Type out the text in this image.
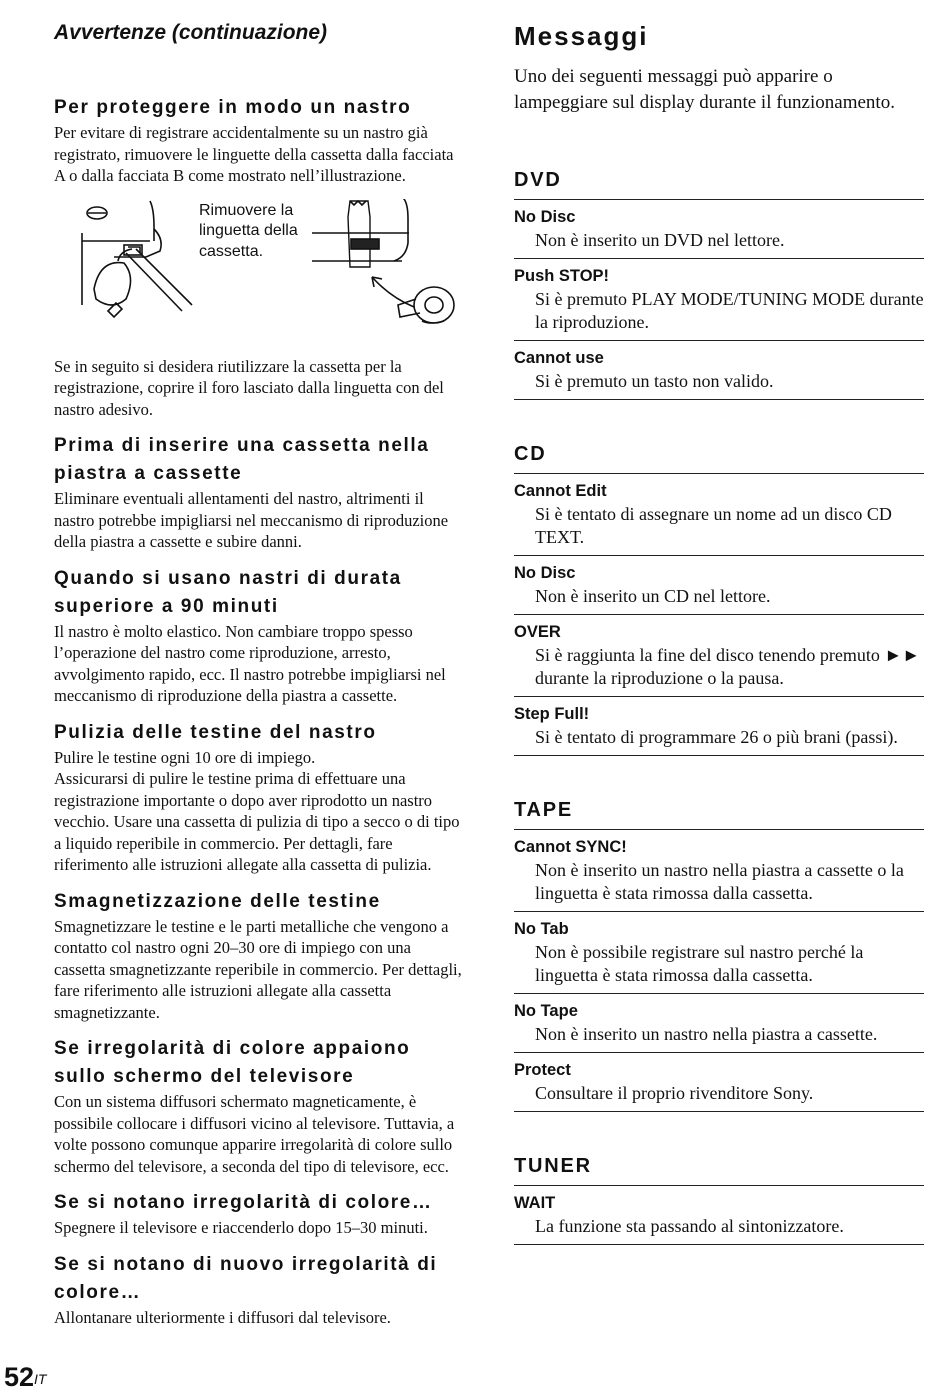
Avvertenze (continuazione)
Per proteggere in modo un nastro

Per evitare di registrare accidentalmente su un nastro già registrato, rimuovere le linguette della cassetta dalla facciata A o dalla facciata B come mostrato nell’illustrazione.

Rimuovere la linguetta della cassetta.

Se in seguito si desidera riutilizzare la cassetta per la registrazione, coprire il foro lasciato dalla linguetta con del nastro adesivo.

Prima di inserire una cassetta nella
piastra a cassette

Eliminare eventuali allentamenti del nastro, altrimenti il nastro potrebbe impigliarsi nel meccanismo di riproduzione della piastra a cassette e subire danni.

Quando si usano nastri di durata
superiore a 90 minuti

Il nastro è molto elastico. Non cambiare troppo spesso l’operazione del nastro come riproduzione, arresto, avvolgimento rapido, ecc. Il nastro potrebbe impigliarsi nel meccanismo di riproduzione della piastra a cassette.

Pulizia delle testine del nastro

Pulire le testine ogni 10 ore di impiego.

Assicurarsi di pulire le testine prima di effettuare una registrazione importante o dopo aver riprodotto un nastro vecchio. Usare una cassetta di pulizia di tipo a secco o di tipo a liquido reperibile in commercio. Per dettagli, fare riferimento alle istruzioni allegate alla cassetta di pulizia.

Smagnetizzazione delle testine

Smagnetizzare le testine e le parti metalliche che vengono a contatto col nastro ogni 20–30 ore di impiego con una cassetta smagnetizzante reperibile in commercio. Per dettagli, fare riferimento alle istruzioni allegate alla cassetta smagnetizzante.

Se irregolarità di colore appaiono
sullo schermo del televisore

Con un sistema diffusori schermato magneticamente, è possibile collocare i diffusori vicino al televisore. Tuttavia, a volte possono comunque apparire irregolarità di colore sullo schermo del televisore, a seconda del tipo di televisore, ecc.

Se si notano irregolarità di colore…

Spegnere il televisore e riaccenderlo dopo 15–30 minuti.

Se si notano di nuovo irregolarità di
colore…

Allontanare ulteriormente i diffusori dal televisore.

$52^{IT}$
Messaggi

Uno dei seguenti messaggi può apparire o lampeggiare sul display durante il funzionamento.

DVD
No Disc
Non è inserito un DVD nel lettore.
Push STOP!
Si è premuto PLAY MODE/TUNING MODE durante la riproduzione.
Cannot use
Si è premuto un tasto non valido.
CD
Cannot Edit
Si è tentato di assegnare un nome ad un disco CD TEXT.
No Disc
Non è inserito un CD nel lettore.
OVER
Si è raggiunta la fine del disco tenendo premuto ►► durante la riproduzione o la pausa.
Step Full!
Si è tentato di programmare 26 o più brani (passi).
TAPE
Cannot SYNC!
Non è inserito un nastro nella piastra a cassette o la linguetta è stata rimossa dalla cassetta.
No Tab
Non è possibile registrare sul nastro perché la linguetta è stata rimossa dalla cassetta.
No Tape
Non è inserito un nastro nella piastra a cassette.
Protect
Consultare il proprio rivenditore Sony.
TUNER
WAIT
La funzione sta passando al sintonizzatore.
